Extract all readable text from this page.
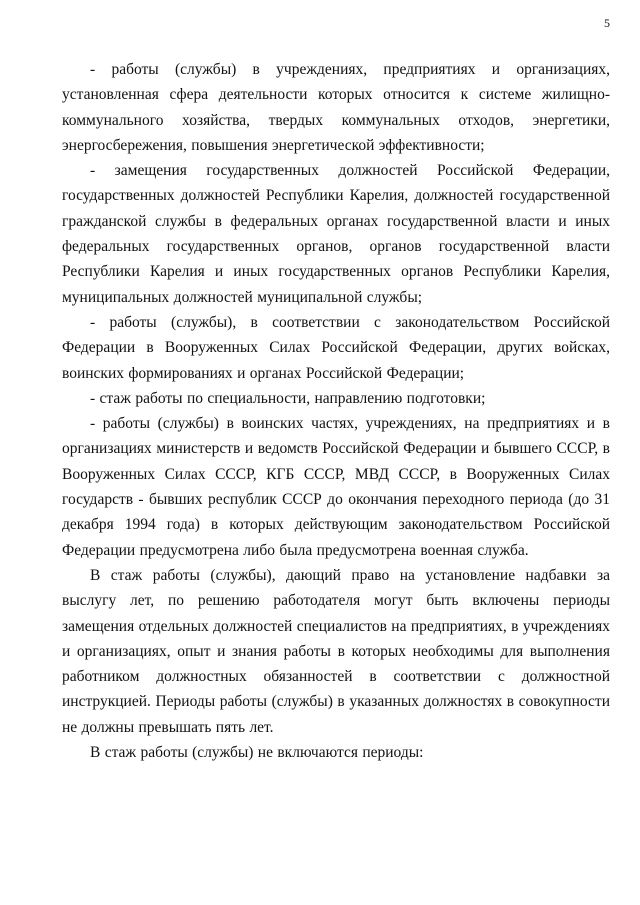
5

- работы (службы) в учреждениях, предприятиях и организациях, установленная сфера деятельности которых относится к системе жилищно-коммунального хозяйства, твердых коммунальных отходов, энергетики, энергосбережения, повышения энергетической эффективности;

- замещения государственных должностей Российской Федерации, государственных должностей Республики Карелия, должностей государственной гражданской службы в федеральных органах государственной власти и иных федеральных государственных органов, органов государственной власти Республики Карелия и иных государственных органов Республики Карелия, муниципальных должностей муниципальной службы;

- работы (службы), в соответствии с законодательством Российской Федерации в Вооруженных Силах Российской Федерации, других войсках, воинских формированиях и органах Российской Федерации;

- стаж работы по специальности, направлению подготовки;

- работы (службы) в воинских частях, учреждениях, на предприятиях и в организациях министерств и ведомств Российской Федерации и бывшего СССР, в Вооруженных Силах СССР, КГБ СССР, МВД СССР, в Вооруженных Силах государств - бывших республик СССР до окончания переходного периода (до 31 декабря 1994 года) в которых действующим законодательством Российской Федерации предусмотрена либо была предусмотрена военная служба.

В стаж работы (службы), дающий право на установление надбавки за выслугу лет, по решению работодателя могут быть включены периоды замещения отдельных должностей специалистов на предприятиях, в учреждениях и организациях, опыт и знания работы в которых необходимы для выполнения работником должностных обязанностей в соответствии с должностной инструкцией. Периоды работы (службы) в указанных должностях в совокупности не должны превышать пять лет.

В стаж работы (службы) не включаются периоды:
